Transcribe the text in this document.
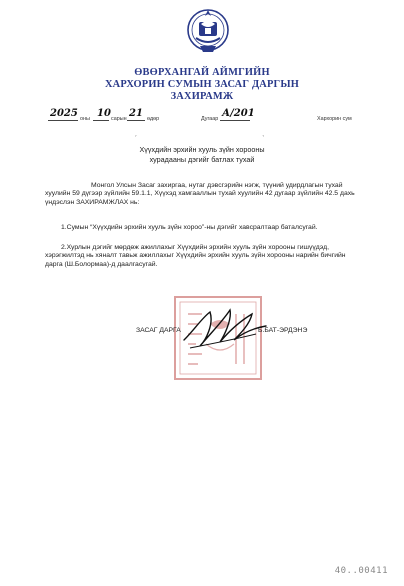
ӨВӨРХАНГАЙ АЙМГИЙН
ХАРХОРИН СУМЫН ЗАСАГ ДАРГЫН
ЗАХИРАМЖ
2025 оны 10 сарын 21 өдөр	Дугаар А/201	Хархорин сум
⌜	⌝
Хүүхдийн эрхийн хууль зүйн хорооны
хурадааны дэгийг батлах тухай
Монгол Улсын Засаг захиргаа, нутаг дэвсгэрийн нэгж, түүний удирдлагын тухай хуулийн 59 дүгээр зүйлийн 59.1.1, Хүүхэд хамгааллын тухай хуулийн 42 дугаар зүйлийн 42.5 дахь үндэслэн ЗАХИРАМЖЛАХ нь:
1.Сумын “Хүүхдийн эрхийн хууль зүйн хороо”-ны дэгийг хавсралтаар баталсугай.
2.Хурлын дэгийг мөрдөж ажиллахыг Хүүхдийн эрхийн хууль зүйн хорооны гишүүдэд, хэрэгжилтэд нь хяналт тавьж ажиллахыг Хүүхдийн эрхийн хууль зүйн хорооны нарийн бичгийн дарга (Ш.Болормаа)-д даалгасугай.
ЗАСАГ ДАРГА	Б.БАТ-ЭРДЭНЭ
40..00411
